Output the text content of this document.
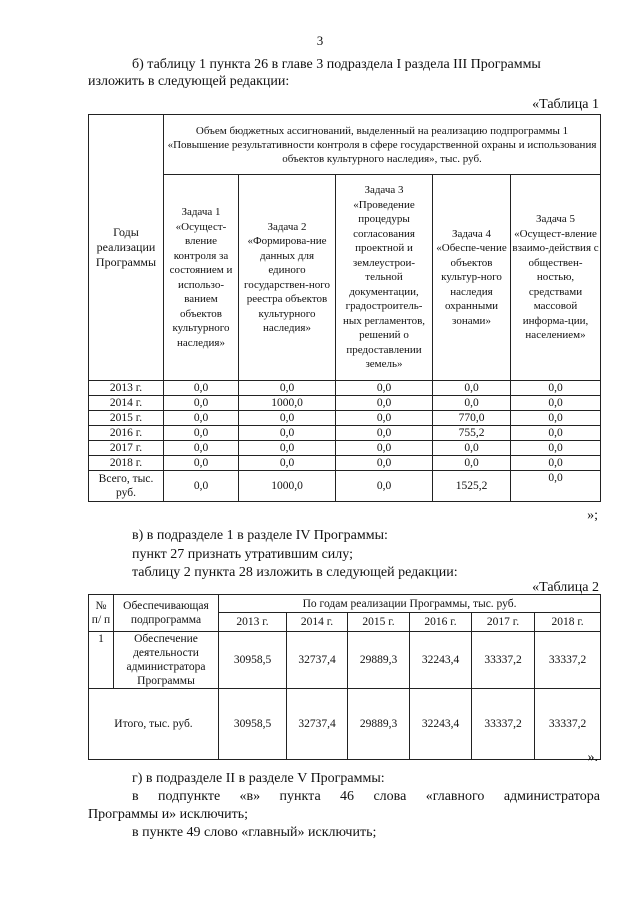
3

б) таблицу 1 пункта 26 в главе 3 подраздела I раздела III Программы изложить в следующей редакции:

«Таблица 1
Годы реализации Программы	Объем бюджетных ассигнований, выделенный на реализацию подпрограммы 1 «Повышение результативности контроля в сфере государственной охраны и использования объектов культурного наследия», тыс. руб.				
	Задача 1 «Осущест-вление контроля за состоянием и использо-ванием объектов культурного наследия»	Задача 2 «Формирова-ние данных для единого государствен-ного реестра объектов культурного наследия»	Задача 3 «Проведение процедуры согласования проектной и землеустрои-тельной документации, градостроитель-ных регламентов, решений о предоставлении земель»	Задача 4 «Обеспе-чение объектов культур-ного наследия охранными зонами»	Задача 5 «Осущест-вление взаимо-действия с обществен-ностью, средствами массовой информа-ции, населением»
2013 г.	0,0	0,0	0,0	0,0	0,0
2014 г.	0,0	1000,0	0,0	0,0	0,0
2015 г.	0,0	0,0	0,0	770,0	0,0
2016 г.	0,0	0,0	0,0	755,2	0,0
2017 г.	0,0	0,0	0,0	0,0	0,0
2018 г.	0,0	0,0	0,0	0,0	0,0
Всего, тыс. руб.	0,0	1000,0	0,0	1525,2	0,0
»;

в) в подразделе 1 в разделе IV Программы:

пункт 27 признать утратившим силу;

таблицу 2 пункта 28 изложить в следующей редакции:

«Таблица 2
№ п/ п	Обеспечивающая подпрограмма	По годам реализации Программы, тыс. руб.					
		2013 г.	2014 г.	2015 г.	2016 г.	2017 г.	2018 г.
1	Обеспечение деятельности администратора Программы	30958,5	32737,4	29889,3	32243,4	33337,2	33337,2
Итого, тыс. руб.		30958,5	32737,4	29889,3	32243,4	33337,2	33337,2
».

г) в подразделе II в разделе V Программы:

в подпункте «в» пункта 46 слова «главного администратора

Программы и» исключить;

в пункте 49 слово «главный» исключить;
